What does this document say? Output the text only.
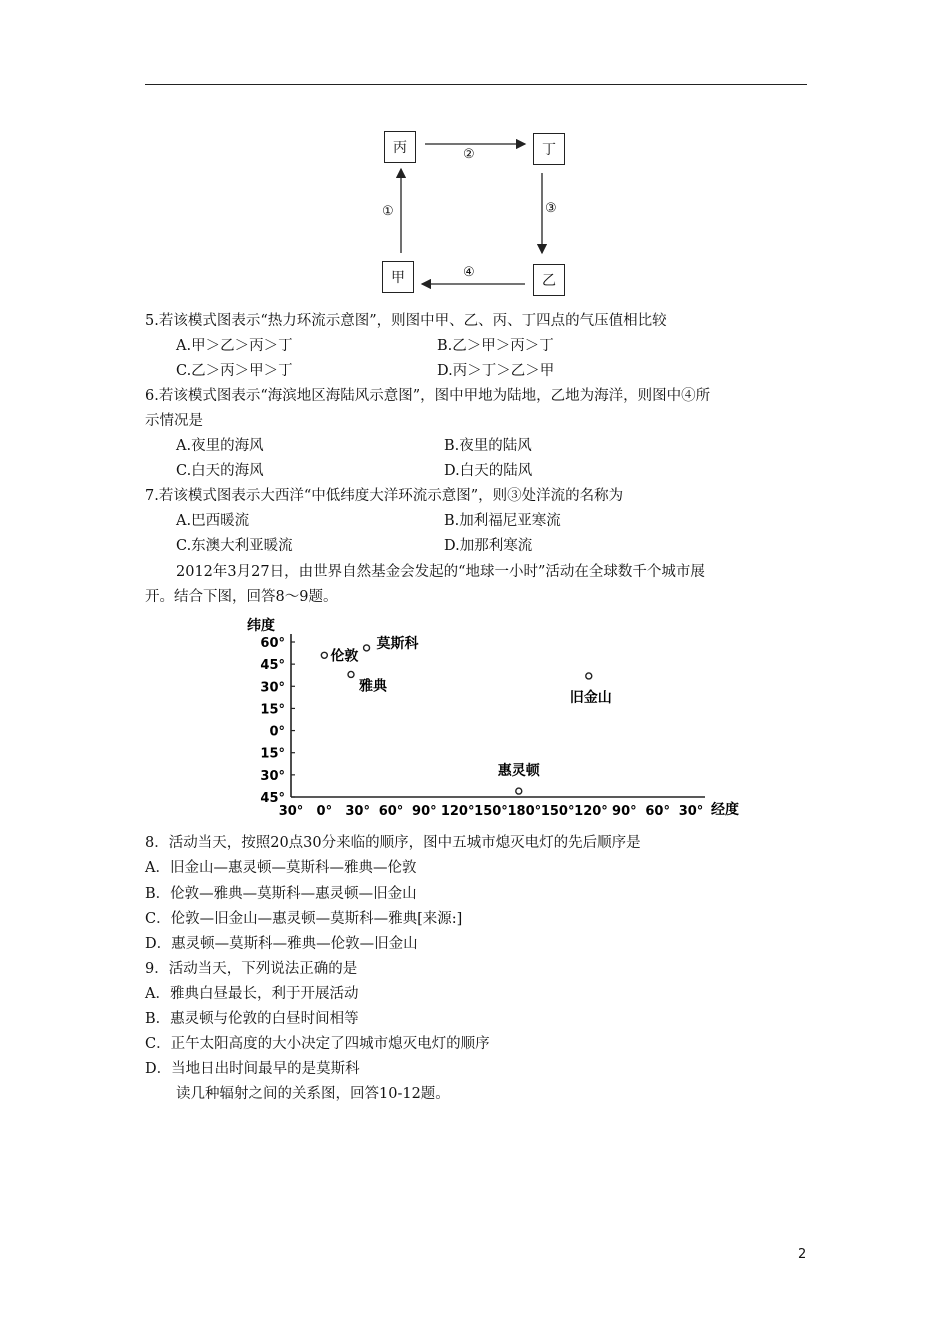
丙	丁
乙
甲
①
②
③
④
5.若该模式图表示“热力环流示意图”，则图中甲、乙、丙、丁四点的气压值相比较
A.甲＞乙＞丙＞丁	B.乙＞甲＞丙＞丁
C.乙＞丙＞甲＞丁	D.丙＞丁＞乙＞甲
6.若该模式图表示“海滨地区海陆风示意图”，图中甲地为陆地，乙地为海洋，则图中④所
示情况是
A.夜里的海风	B.夜里的陆风
C.白天的海风	D.白天的陆风
7.若该模式图表示大西洋“中低纬度大洋环流示意图”，则③处洋流的名称为
A.巴西暖流	B.加利福尼亚寒流
C.东澳大利亚暖流	D.加那利寒流
2012年3月27日，由世界自然基金会发起的“地球一小时”活动在全球数千个城市展
开。结合下图，回答8～9题。
纬度
经度
60°
45°
30°
15°
0°
15°
30°
45°
30° 0° 30° 60° 90° 120° 150° 180° 150° 120° 90° 60° 30°
伦敦
莫斯科
雅典
旧金山
惠灵顿
8．活动当天，按照20点30分来临的顺序，图中五城市熄灭电灯的先后顺序是
A．旧金山—惠灵顿—莫斯科—雅典—伦敦
B．伦敦—雅典—莫斯科—惠灵顿—旧金山
C．伦敦—旧金山—惠灵顿—莫斯科—雅典[来源:]
D．惠灵顿—莫斯科—雅典—伦敦—旧金山
9．活动当天，下列说法正确的是
A．雅典白昼最长，利于开展活动
B．惠灵顿与伦敦的白昼时间相等
C．正午太阳高度的大小决定了四城市熄灭电灯的顺序
D．当地日出时间最早的是莫斯科
读几种辐射之间的关系图，回答10-12题。
2
